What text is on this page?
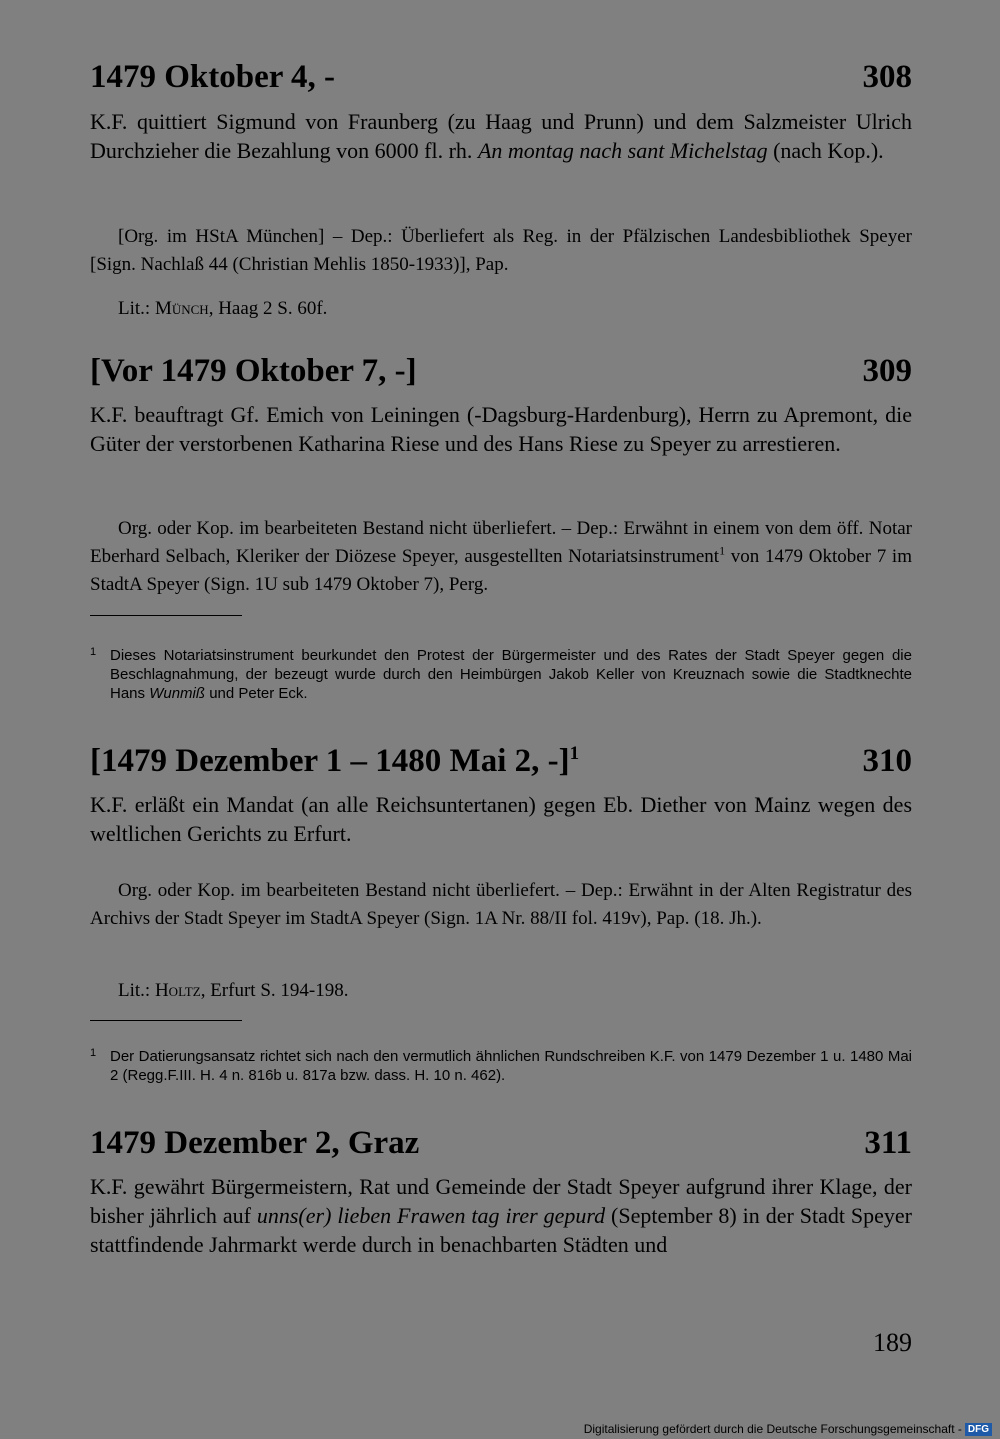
1479 Oktober 4, -	308
K.F. quittiert Sigmund von Fraunberg (zu Haag und Prunn) und dem Salzmeister Ulrich Durchzieher die Bezahlung von 6000 fl. rh. An montag nach sant Michelstag (nach Kop.).
[Org. im HStA München] – Dep.: Überliefert als Reg. in der Pfälzischen Landesbibliothek Speyer [Sign. Nachlaß 44 (Christian Mehlis 1850-1933)], Pap.
Lit.: Münch, Haag 2 S. 60f.
[Vor 1479 Oktober 7, -]	309
K.F. beauftragt Gf. Emich von Leiningen (-Dagsburg-Hardenburg), Herrn zu Apremont, die Güter der verstorbenen Katharina Riese und des Hans Riese zu Speyer zu arrestieren.
Org. oder Kop. im bearbeiteten Bestand nicht überliefert. – Dep.: Erwähnt in einem von dem öff. Notar Eberhard Selbach, Kleriker der Diözese Speyer, ausgestellten Notariatsinstrument$^1$ von 1479 Oktober 7 im StadtA Speyer (Sign. 1U sub 1479 Oktober 7), Perg.
1 Dieses Notariatsinstrument beurkundet den Protest der Bürgermeister und des Rates der Stadt Speyer gegen die Beschlagnahmung, der bezeugt wurde durch den Heimbürgen Jakob Keller von Kreuznach sowie die Stadtknechte Hans Wunmiß und Peter Eck.
[1479 Dezember 1 – 1480 Mai 2, -]$^1$	310
K.F. erläßt ein Mandat (an alle Reichsuntertanen) gegen Eb. Diether von Mainz wegen des weltlichen Gerichts zu Erfurt.
Org. oder Kop. im bearbeiteten Bestand nicht überliefert. – Dep.: Erwähnt in der Alten Registratur des Archivs der Stadt Speyer im StadtA Speyer (Sign. 1A Nr. 88/II fol. 419v), Pap. (18. Jh.).
Lit.: Holtz, Erfurt S. 194-198.
1 Der Datierungsansatz richtet sich nach den vermutlich ähnlichen Rundschreiben K.F. von 1479 Dezember 1 u. 1480 Mai 2 (Regg.F.III. H. 4 n. 816b u. 817a bzw. dass. H. 10 n. 462).
1479 Dezember 2, Graz	311
K.F. gewährt Bürgermeistern, Rat und Gemeinde der Stadt Speyer aufgrund ihrer Klage, der bisher jährlich auf unns(er) lieben Frawen tag irer gepurd (September 8) in der Stadt Speyer stattfindende Jahrmarkt werde durch in benachbarten Städten und
189
Digitalisierung gefördert durch die Deutsche Forschungsgemeinschaft - DFG
